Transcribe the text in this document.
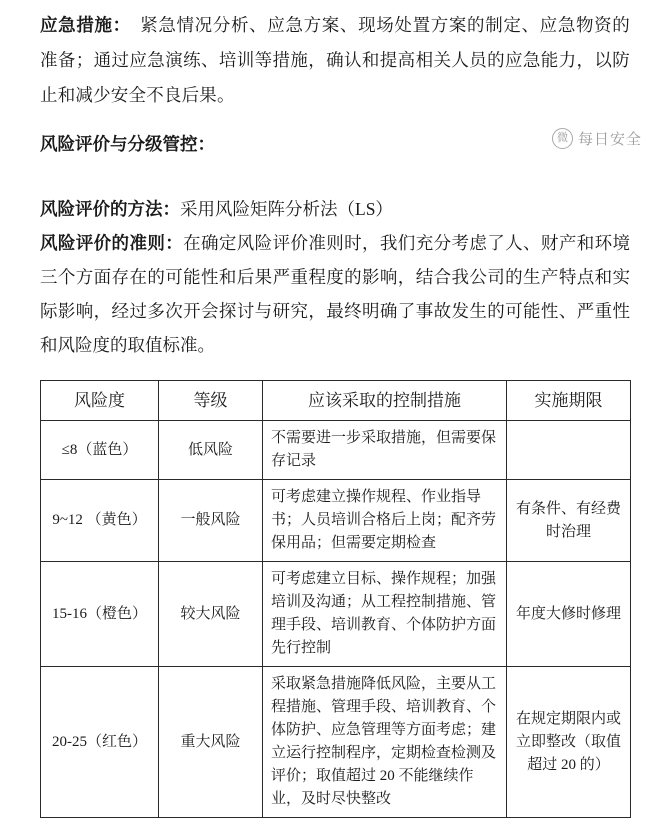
应急措施：　紧急情况分析、应急方案、现场处置方案的制定、应急物资的准备；通过应急演练、培训等措施，确认和提高相关人员的应急能力，以防止和减少安全不良后果。

风险评价与分级管控：	微 每日安全

风险评价的方法：采用风险矩阵分析法（LS）

风险评价的准则：在确定风险评价准则时，我们充分考虑了人、财产和环境三个方面存在的可能性和后果严重程度的影响，结合我公司的生产特点和实际影响，经过多次开会探讨与研究，最终明确了事故发生的可能性、严重性和风险度的取值标准。

风险度	等级	应该采取的控制措施	实施期限
≤8（蓝色）	低风险	不需要进一步采取措施，但需要保存记录	
9~12 （黄色）	一般风险	可考虑建立操作规程、作业指导书；人员培训合格后上岗；配齐劳保用品；但需要定期检查	有条件、有经费时治理
15-16（橙色）	较大风险	可考虑建立目标、操作规程；加强培训及沟通；从工程控制措施、管理手段、培训教育、个体防护方面先行控制	年度大修时修理
20-25（红色）	重大风险	采取紧急措施降低风险，主要从工程措施、管理手段、培训教育、个体防护、应急管理等方面考虑；建立运行控制程序，定期检查检测及评价；取值超过 20 不能继续作业，及时尽快整改	在规定期限内或立即整改（取值超过 20 的）
